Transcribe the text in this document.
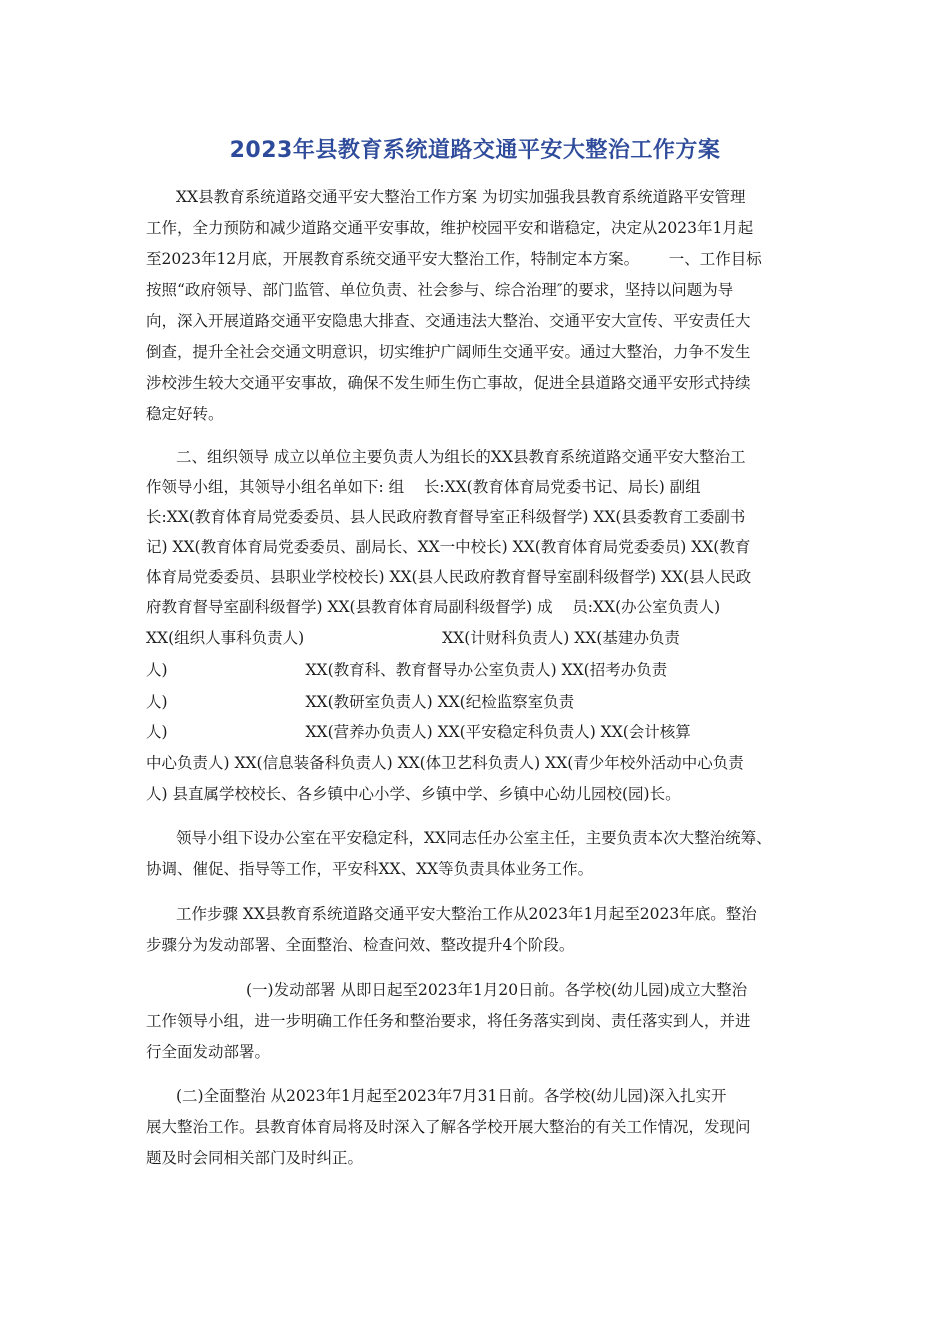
2023年县教育系统道路交通平安大整治工作方案
XX县教育系统道路交通平安大整治工作方案 为切实加强我县教育系统道路平安管理
工作，全力预防和减少道路交通平安事故，维护校园平安和谐稳定，决定从2023年1月起
至2023年12月底，开展教育系统交通平安大整治工作，特制定本方案。      一、工作目标
按照“政府领导、部门监管、单位负责、社会参与、综合治理″的要求，坚持以问题为导
向，深入开展道路交通平安隐患大排查、交通违法大整治、交通平安大宣传、平安责任大
倒查，提升全社会交通文明意识，切实维护广阔师生交通平安。通过大整治，力争不发生
涉校涉生较大交通平安事故，确保不发生师生伤亡事故，促进全县道路交通平安形式持续
稳定好转。
二、组织领导 成立以单位主要负责人为组长的XX县教育系统道路交通平安大整治工
作领导小组，其领导小组名单如下: 组    长:XX(教育体育局党委书记、局长) 副组
长:XX(教育体育局党委委员、县人民政府教育督导室正科级督学) XX(县委教育工委副书
记) XX(教育体育局党委委员、副局长、XX一中校长) XX(教育体育局党委委员) XX(教育
体育局党委委员、县职业学校校长) XX(县人民政府教育督导室副科级督学) XX(县人民政
府教育督导室副科级督学) XX(县教育体育局副科级督学) 成    员:XX(办公室负责人)
XX(组织人事科负责人)                            XX(计财科负责人) XX(基建办负责
人)                            XX(教育科、教育督导办公室负责人) XX(招考办负责
人)                            XX(教研室负责人) XX(纪检监察室负责
人)                            XX(营养办负责人) XX(平安稳定科负责人) XX(会计核算
中心负责人) XX(信息装备科负责人) XX(体卫艺科负责人) XX(青少年校外活动中心负责
人) 县直属学校校长、各乡镇中心小学、乡镇中学、乡镇中心幼儿园校(园)长。
领导小组下设办公室在平安稳定科，XX同志任办公室主任，主要负责本次大整治统筹、
协调、催促、指导等工作，平安科XX、XX等负责具体业务工作。
工作步骤 XX县教育系统道路交通平安大整治工作从2023年1月起至2023年底。整治
步骤分为发动部署、全面整治、检查问效、整改提升4个阶段。
(一)发动部署 从即日起至2023年1月20日前。各学校(幼儿园)成立大整治
工作领导小组，进一步明确工作任务和整治要求，将任务落实到岗、责任落实到人，并进
行全面发动部署。
(二)全面整治 从2023年1月起至2023年7月31日前。各学校(幼儿园)深入扎实开
展大整治工作。县教育体育局将及时深入了解各学校开展大整治的有关工作情况，发现问
题及时会同相关部门及时纠正。
